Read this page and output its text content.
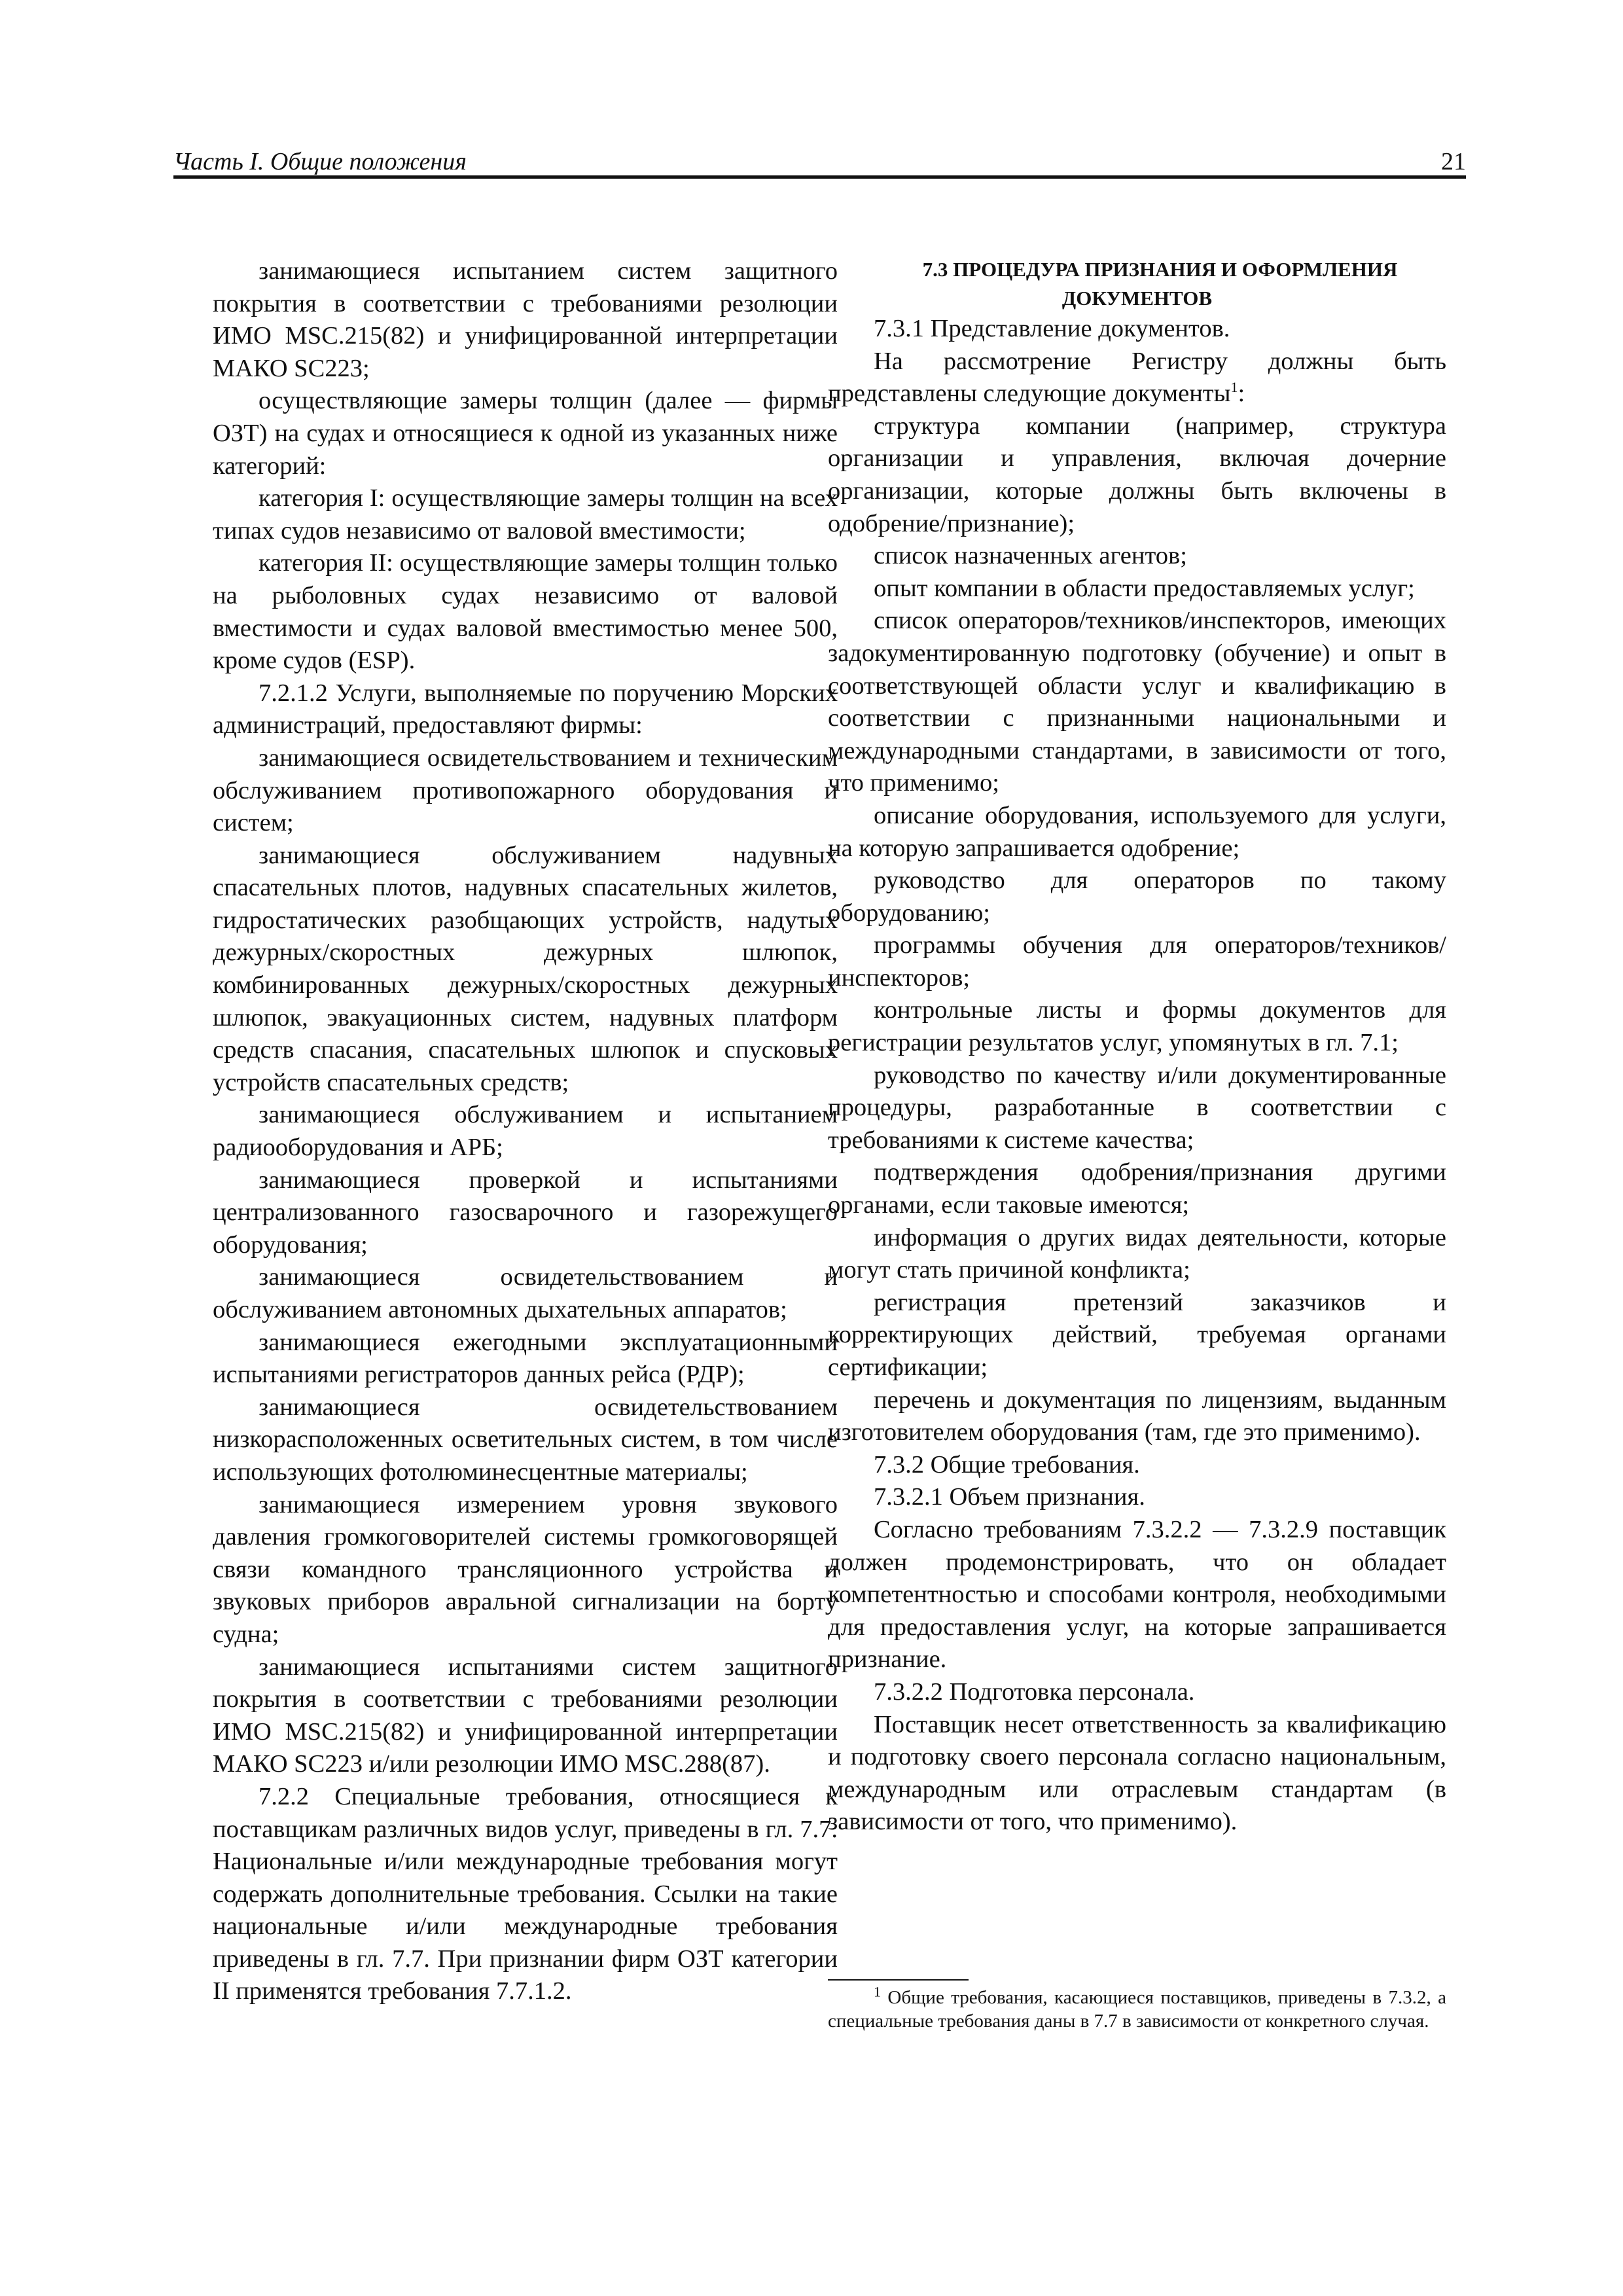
Часть I. Общие положения	21

занимающиеся испытанием систем защитного покрытия в соответствии с требованиями резолюции ИМО MSC.215(82) и унифицированной интерпретации МАКО SC223;

осуществляющие замеры толщин (далее — фирмы ОЗТ) на судах и относящиеся к одной из указанных ниже категорий:

категория I: осуществляющие замеры толщин на всех типах судов независимо от валовой вместимости;

категория II: осуществляющие замеры толщин только на рыболовных судах независимо от валовой вместимости и судах валовой вместимостью менее 500, кроме судов (ESP).

7.2.1.2 Услуги, выполняемые по поручению Морских администраций, предоставляют фирмы:

занимающиеся освидетельствованием и техническим обслуживанием противопожарного оборудования и систем;

занимающиеся обслуживанием надувных спасательных плотов, надувных спасательных жилетов, гидростатических разобщающих устройств, надутых дежурных/скоростных дежурных шлюпок, комбинированных дежурных/скоростных дежурных шлюпок, эвакуационных систем, надувных платформ средств спасания, спасательных шлюпок и спусковых устройств спасательных средств;

занимающиеся обслуживанием и испытанием радиооборудования и АРБ;

занимающиеся проверкой и испытаниями централизованного газосварочного и газорежущего оборудования;

занимающиеся освидетельствованием и обслуживанием автономных дыхательных аппаратов;

занимающиеся ежегодными эксплуатационными испытаниями регистраторов данных рейса (РДР);

занимающиеся освидетельствованием низкорасположенных осветительных систем, в том числе использующих фотолюминесцентные материалы;

занимающиеся измерением уровня звукового давления громкоговорителей системы громкоговорящей связи командного трансляционного устройства и звуковых приборов авральной сигнализации на борту судна;

занимающиеся испытаниями систем защитного покрытия в соответствии с требованиями резолюции ИМО MSC.215(82) и унифицированной интерпретации МАКО SC223 и/или резолюции ИМО MSC.288(87).

7.2.2 Специальные требования, относящиеся к поставщикам различных видов услуг, приведены в гл. 7.7. Национальные и/или международные требования могут содержать дополнительные требования. Ссылки на такие национальные и/или международные требования приведены в гл. 7.7. При признании фирм ОЗТ категории II применятся требования 7.7.1.2.

7.3 ПРОЦЕДУРА ПРИЗНАНИЯ И ОФОРМЛЕНИЯ ДОКУМЕНТОВ

7.3.1 Представление документов.

На рассмотрение Регистру должны быть представлены следующие документы$^1$:

структура компании (например, структура организации и управления, включая дочерние организации, которые должны быть включены в одобрение/признание);

список назначенных агентов;

опыт компании в области предоставляемых услуг;

список операторов/техников/инспекторов, имеющих задокументированную подготовку (обучение) и опыт в соответствующей области услуг и квалификацию в соответствии с признанными национальными и международными стандартами, в зависимости от того, что применимо;

описание оборудования, используемого для услуги, на которую запрашивается одобрение;

руководство для операторов по такому оборудованию;

программы обучения для операторов/техников/инспекторов;

контрольные листы и формы документов для регистрации результатов услуг, упомянутых в гл. 7.1;

руководство по качеству и/или документированные процедуры, разработанные в соответствии с требованиями к системе качества;

подтверждения одобрения/признания другими органами, если таковые имеются;

информация о других видах деятельности, которые могут стать причиной конфликта;

регистрация претензий заказчиков и корректирующих действий, требуемая органами сертификации;

перечень и документация по лицензиям, выданным изготовителем оборудования (там, где это применимо).

7.3.2 Общие требования.

7.3.2.1 Объем признания.

Согласно требованиям 7.3.2.2 — 7.3.2.9 поставщик должен продемонстрировать, что он обладает компетентностью и способами контроля, необходимыми для предоставления услуг, на которые запрашивается признание.

7.3.2.2 Подготовка персонала.

Поставщик несет ответственность за квалификацию и подготовку своего персонала согласно национальным, международным или отраслевым стандартам (в зависимости от того, что применимо).

$^1$ Общие требования, касающиеся поставщиков, приведены в 7.3.2, а специальные требования даны в 7.7 в зависимости от конкретного случая.
